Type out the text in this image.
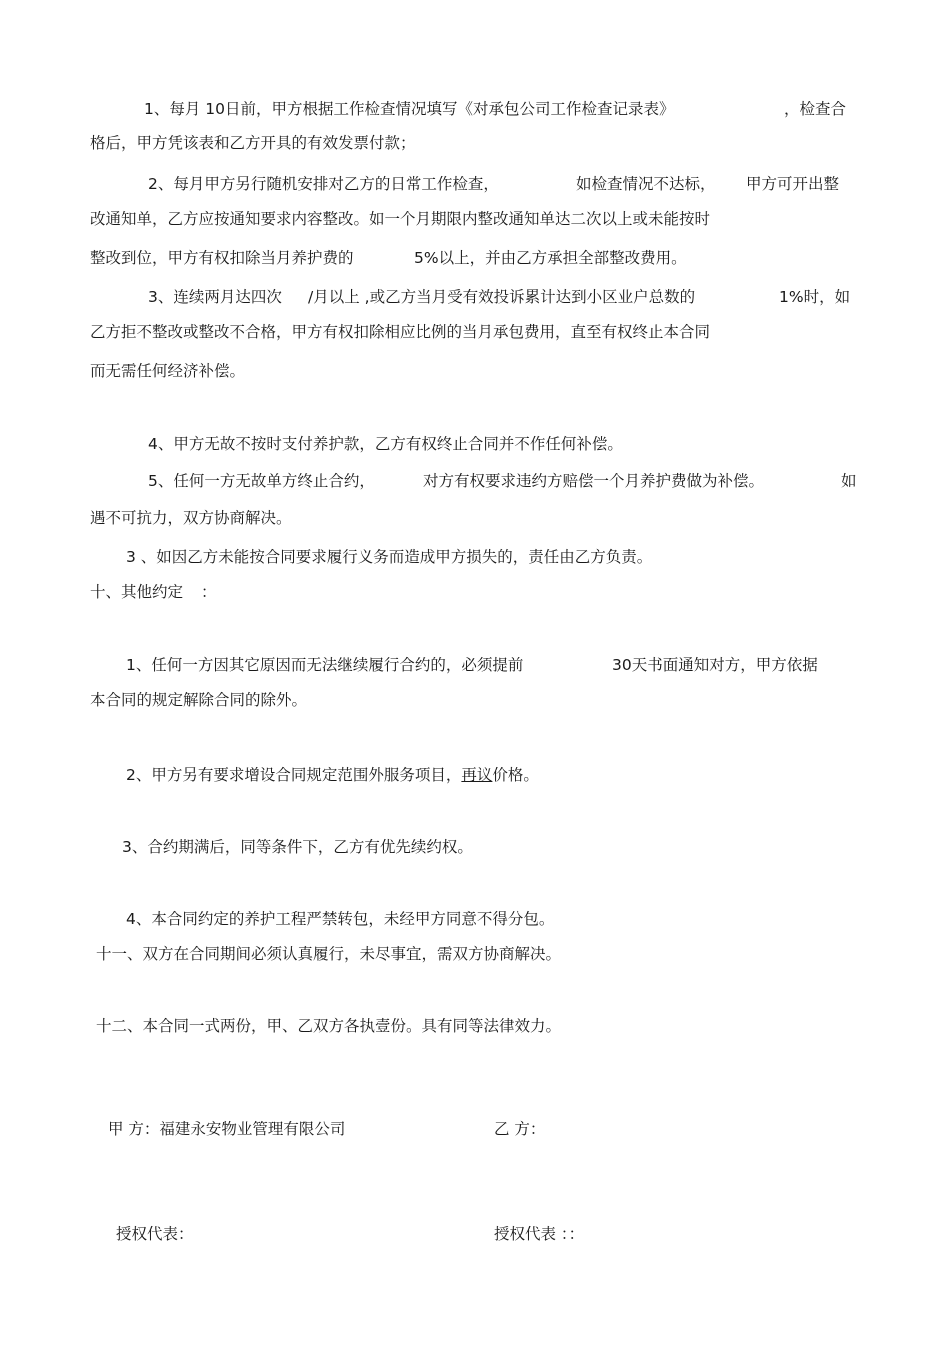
1、每月 10日前，甲方根据工作检查情况填写《对承包公司工作检查记录表》	，检查合
格后，甲方凭该表和乙方开具的有效发票付款；
2、每月甲方另行随机安排对乙方的日常工作检查，	如检查情况不达标， 甲方可开出整
改通知单，乙方应按通知要求内容整改。如一个月期限内整改通知单达二次以上或未能按时
整改到位，甲方有权扣除当月养护费的	5%以上，并由乙方承担全部整改费用。
3、连续两月达四次 /月以上 ,或乙方当月受有效投诉累计达到小区业户总数的	1%时，如
乙方拒不整改或整改不合格，甲方有权扣除相应比例的当月承包费用，直至有权终止本合同
而无需任何经济补偿。
4、甲方无故不按时支付养护款，乙方有权终止合同并不作任何补偿。
5、任何一方无故单方终止合约，	对方有权要求违约方赔偿一个月养护费做为补偿。	如
遇不可抗力，双方协商解决。
3 、如因乙方未能按合同要求履行义务而造成甲方损失的，责任由乙方负责。
十、其他约定 ：
1、任何一方因其它原因而无法继续履行合约的，必须提前	30天书面通知对方，甲方依据
本合同的规定解除合同的除外。
2、甲方另有要求增设合同规定范围外服务项目，再议价格。
3、合约期满后，同等条件下，乙方有优先续约权。
4、本合同约定的养护工程严禁转包，未经甲方同意不得分包。
十一、双方在合同期间必须认真履行，未尽事宜，需双方协商解决。
十二、本合同一式两份，甲、乙双方各执壹份。具有同等法律效力。
甲 方：福建永安物业管理有限公司	乙 方：
授权代表：	授权代表 ：：
